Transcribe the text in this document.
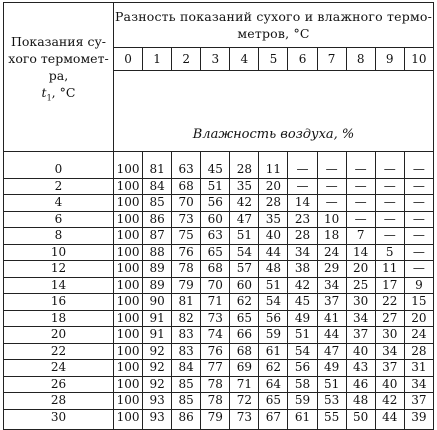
Показания су-
хого термомет-
ра,
$t_1$, °С	Разность показаний сухого и влажного термо-
метров, °С										
	0	1	2	3	4	5	6	7	8	9	10
	Влажность воздуха, %										
0	100	81	63	45	28	11	—	—	—	—	—
2	100	84	68	51	35	20	—	—	—	—	—
4	100	85	70	56	42	28	14	—	—	—	—
6	100	86	73	60	47	35	23	10	—	—	—
8	100	87	75	63	51	40	28	18	7	—	—
10	100	88	76	65	54	44	34	24	14	5	—
12	100	89	78	68	57	48	38	29	20	11	—
14	100	89	79	70	60	51	42	34	25	17	9
16	100	90	81	71	62	54	45	37	30	22	15
18	100	91	82	73	65	56	49	41	34	27	20
20	100	91	83	74	66	59	51	44	37	30	24
22	100	92	83	76	68	61	54	47	40	34	28
24	100	92	84	77	69	62	56	49	43	37	31
26	100	92	85	78	71	64	58	51	46	40	34
28	100	93	85	78	72	65	59	53	48	42	37
30	100	93	86	79	73	67	61	55	50	44	39
